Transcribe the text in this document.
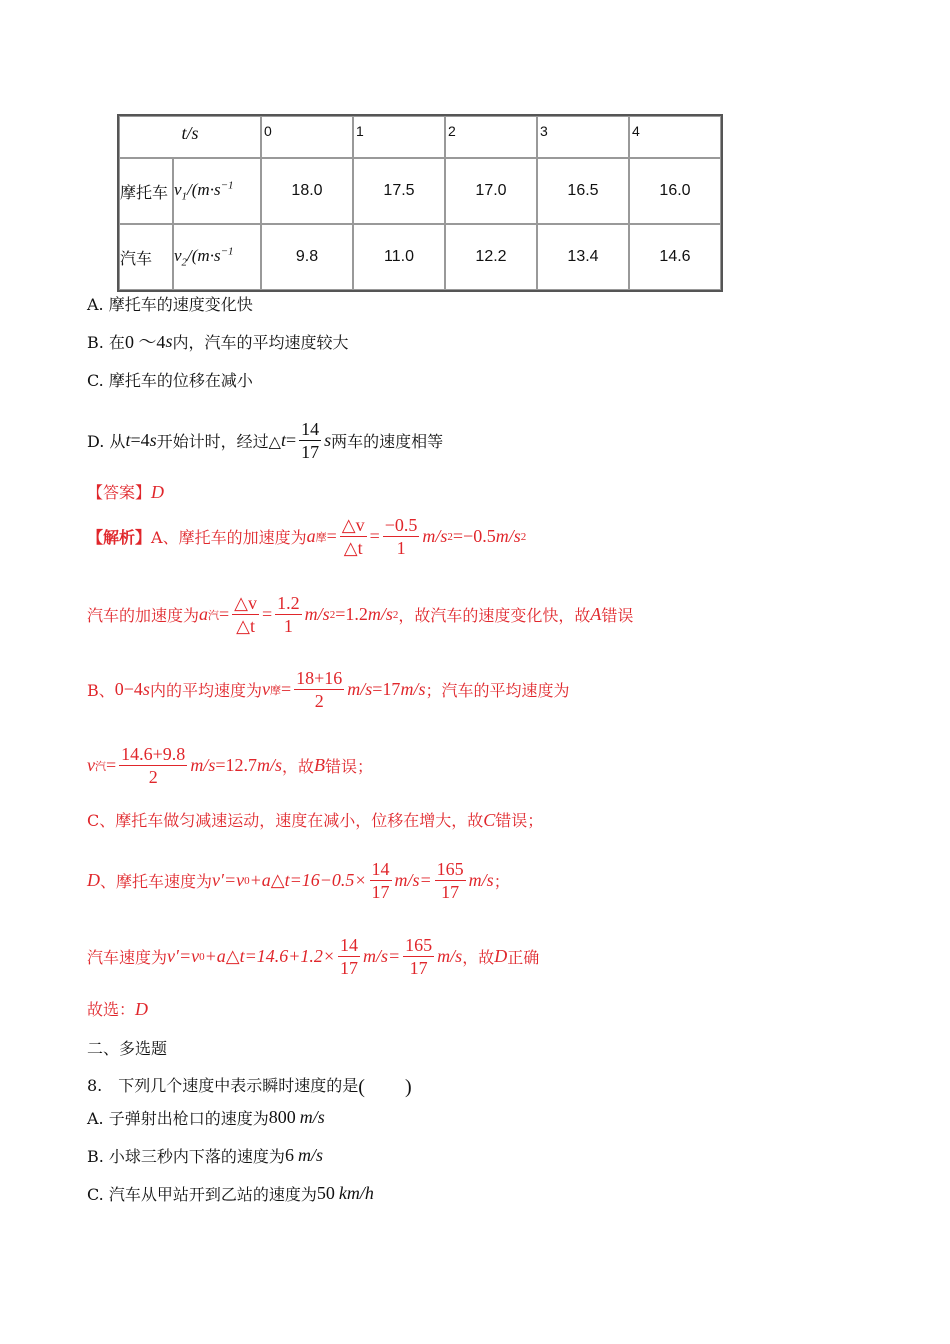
t/s		0	1	2	3	4

摩托车	$v_1/(m\cdot s^{-1}$	18.0	17.5	17.0	16.5	16.0
汽车	$v_2/(m\cdot s^{-1}$	9.8	11.0	12.2	13.4	14.6
A. 摩托车的速度变化快
B. 在 0 ～4 s 内，汽车的平均速度较大
C. 摩托车的位移在减小
D. 从 t =4 s 开始计时，经过△ $t = \frac{14}{17}$ s 两车的速度相等
【答案】D
【解析】 A、摩托车的加速度为 a 摩 = $\frac{\triangle v}{\triangle t} = \frac{-0.5}{1} m/s$ 2 =−0.5 m/s 2
汽车的加速度为 a 汽 = $\frac{\triangle v}{\triangle t} = \frac{1.2}{1} m/s$ 2 =1.2 m/s 2 ，故汽车的速度变化快，故 A 错误
B、 0−4 s 内的平均速度为 v 摩 = $\frac{18+16}{2} m/s =17$ m/s ；汽车的平均速度为
v 汽 = $\frac{14.6+9.8}{2} m/s =12.7$ m/s ，故 B 错误；
C、摩托车做匀减速运动，速度在减小，位移在增大，故C错误；
D 、摩托车速度为 v′=v 0 +a△t=16−0.5× $\frac{14}{17} m/s= \frac{165}{17} m/s$ ；
汽车速度为 v′=v 0 +a△t=14.6+1.2× $\frac{14}{17} m/s= \frac{165}{17} m/s$ ，故 D 正确
故选：D
二、多选题
8.　下列几个速度中表示瞬时速度的是 (　　)
A. 子弹射出枪口的速度为 800 m/s
B. 小球三秒内下落的速度为 6 m/s
C. 汽车从甲站开到乙站的速度为 50 km/h
